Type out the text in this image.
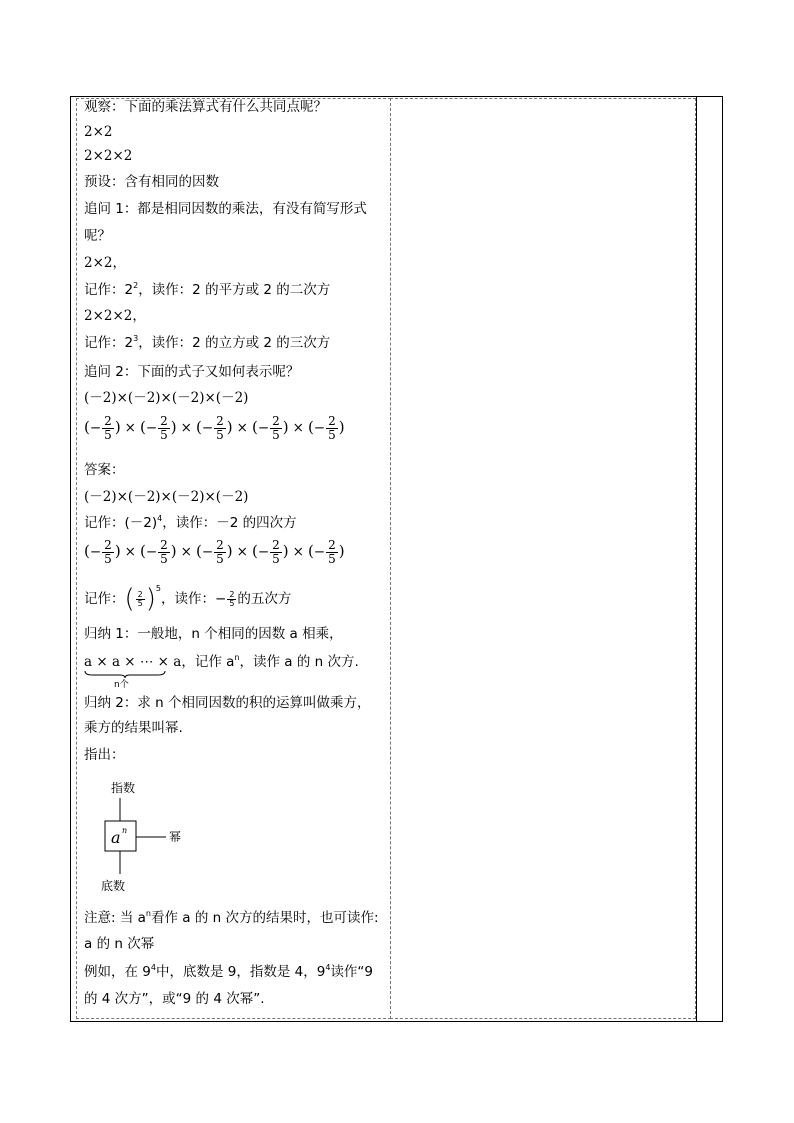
观察：下面的乘法算式有什么共同点呢？
2×2
2×2×2
预设：含有相同的因数
追问 1：都是相同因数的乘法，有没有简写形式
呢？
2×2，
记作：$2^2$，读作：2 的平方或 2 的二次方
2×2×2，
记作：$2^3$，读作：2 的立方或 2 的三次方
追问 2：下面的式子又如何表示呢？
(－2)×(－2)×(－2)×(－2)
(− $\frac{2}{5}$ ) × (− $\frac{2}{5}$ ) × (− $\frac{2}{5}$ ) × (− $\frac{2}{5}$ ) × (− $\frac{2}{5}$ )
答案：
(－2)×(－2)×(－2)×(－2)
记作：$(-2)^4$，读作：－2 的四次方
(− $\frac{2}{5}$ ) × (− $\frac{2}{5}$ ) × (− $\frac{2}{5}$ ) × (− $\frac{2}{5}$ ) × (− $\frac{2}{5}$ )
记作：( $\frac{2}{5} )^5$，读作：− $\frac{2}{5}$ 的五次方
归纳 1：一般地，n 个相同的因数 a 相乘，
a × a × ⋯ × a
n个
，记作 $a^n$，读作 a 的 n 次方.
归纳 2：求 n 个相同因数的积的运算叫做乘方，
乘方的结果叫幂.
指出：
注意: 当 $a^n$看作 a 的 n 次方的结果时，也可读作:
a 的 n 次幂
例如，在 $9^4$中，底数是 9，指数是 4，$9^4$读作“9
的 4 次方”，或“9 的 4 次幂”.
指数
a n	幂
底数
